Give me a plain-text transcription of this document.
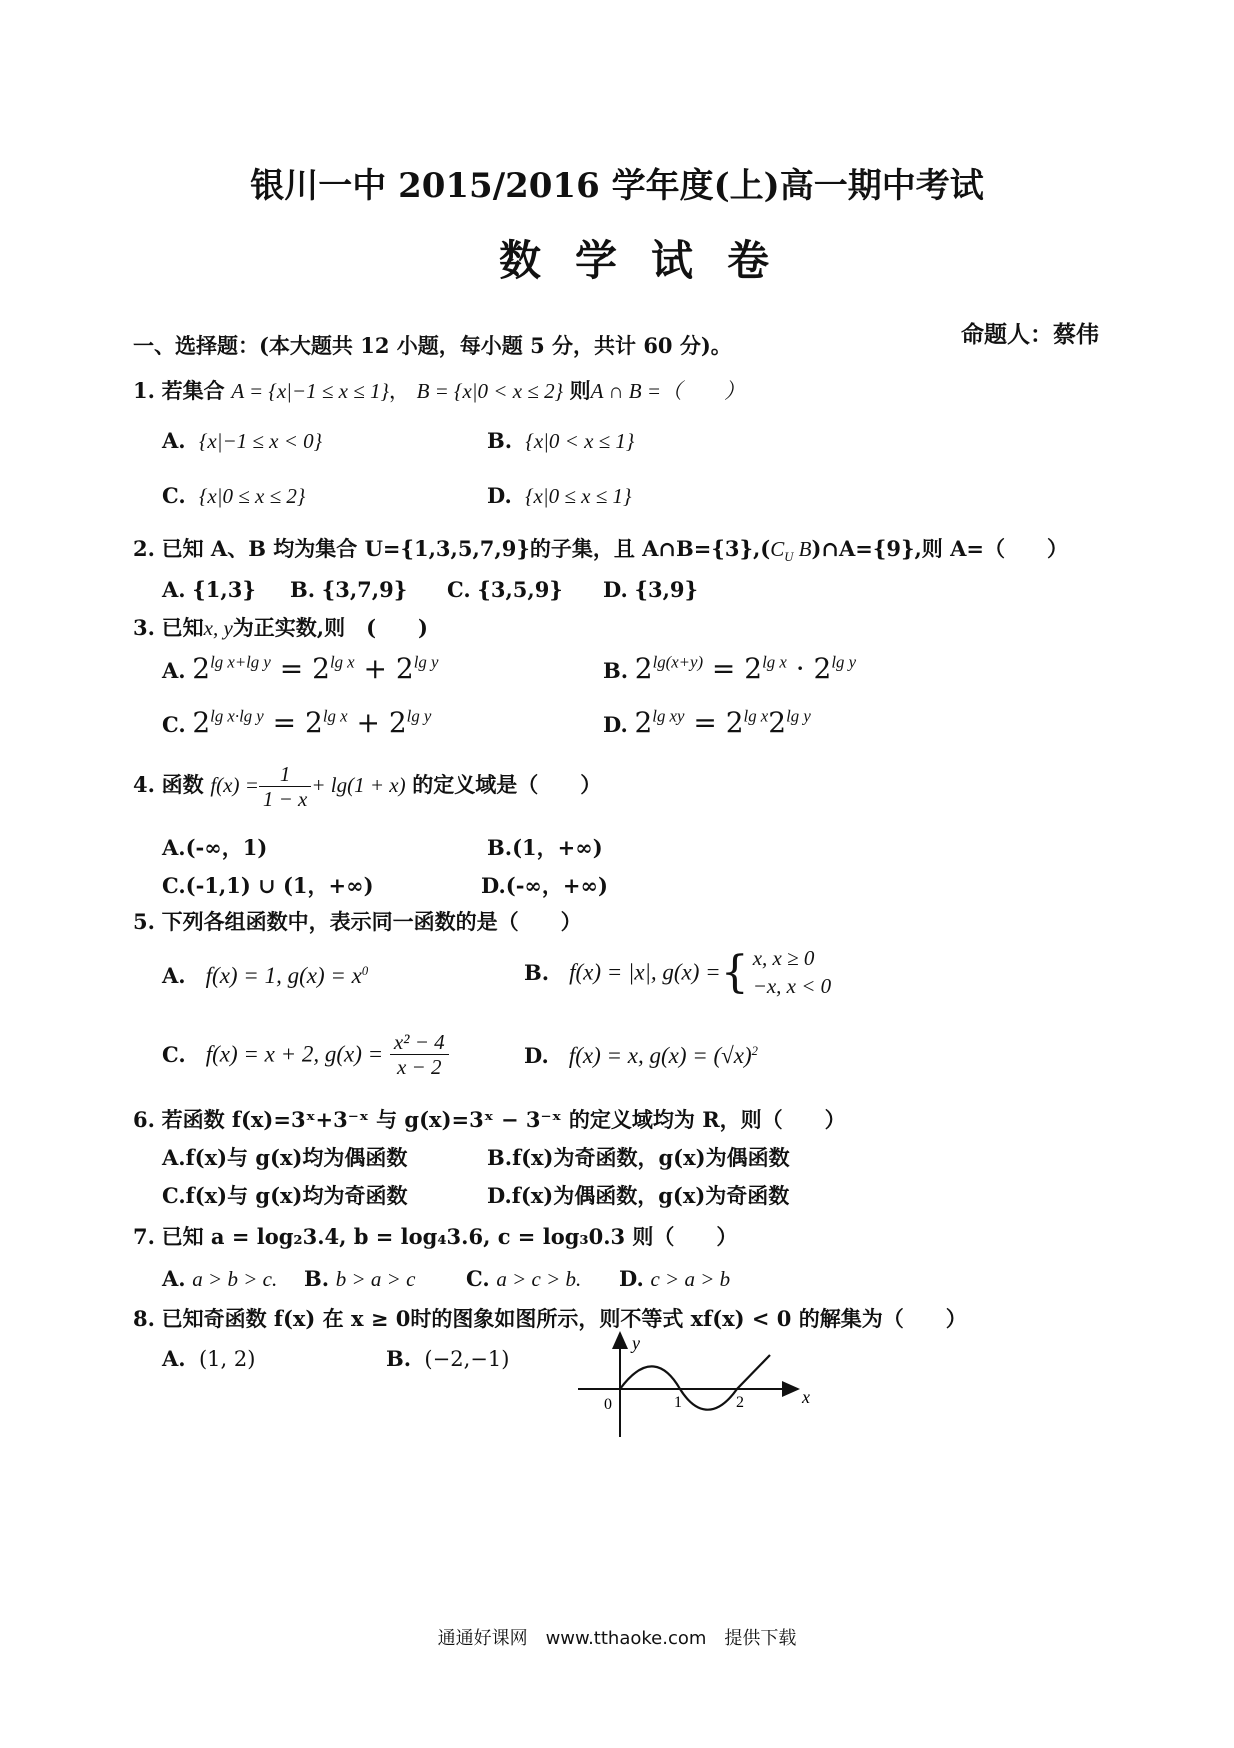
银川一中 2015/2016 学年度(上)高一期中考试
数学试卷
命题人：蔡伟
一、选择题：(本大题共 12 小题，每小题 5 分，共计 60 分)。
1. 若集合 A = {x|−1 ≤ x ≤ 1}， B = {x|0 < x ≤ 2} 则A ∩ B =（　　）
A. {x|−1 ≤ x < 0}	B. {x|0 < x ≤ 1}
C. {x|0 ≤ x ≤ 2}	D. {x|0 ≤ x ≤ 1}
2. 已知 A、B 均为集合 U={1,3,5,7,9}的子集，且 $A\cap B=\{3\},(C_U$ B)∩A={9},则 A=（　　）
A. {1,3} B. {3,7,9} C. {3,5,9} D. {3,9}
3. 已知x, y为正实数,则　(　　)
A. $2^{lg x+lg y} = 2^{lg x} + 2^{lg y}$	B. $2^{lg(x+y)} = 2^{lg x} \cdot 2^{lg y}$
C. $2^{lg x\cdot lg y} = 2^{lg x} + 2^{lg y}$	D. $2^{lg xy} = 2^{lg x}2^{lg y}$
4. 函数 $f(x) = \frac{1}{1 - x} + \lg(1 + x)$ 的定义域是（　　）
A.(-∞，1)	B.(1，+∞)
C.(-1,1) ∪ (1，+∞)	D.(-∞，+∞)
5. 下列各组函数中，表示同一函数的是（　　）
A. f(x) = 1, $g(x) = x^0$	B. f(x) = |x|, g(x) ={ x, x ≥ 0
−x, x < 0
C. f(x) = x + 2, $g(x) = \frac{\text{x² − 4}}{x - 2}$	D. f(x) = x, $g(x) = (√x)^2$
6. 若函数 f(x)=3ˣ+3⁻ˣ 与 g(x)=3ˣ − 3⁻ˣ 的定义域均为 R，则（　　）
A.f(x)与 g(x)均为偶函数	B.f(x)为奇函数，g(x)为偶函数
C.f(x)与 g(x)均为奇函数	D.f(x)为偶函数，g(x)为奇函数
7. 已知 a = log₂3.4, b = log₄3.6, c = log₃0.3 则（　　）
A. a > b > c. B. b > a > c C. a > c > b. D. c > a > b
8. 已知奇函数 f(x) 在 x ≥ 0时的图象如图所示，则不等式 xf(x) < 0 的解集为（　　）
A. (1, 2)	B. (−2,−1)
y
x
0	1	2
通通好课网　www.tthaoke.com　提供下载
